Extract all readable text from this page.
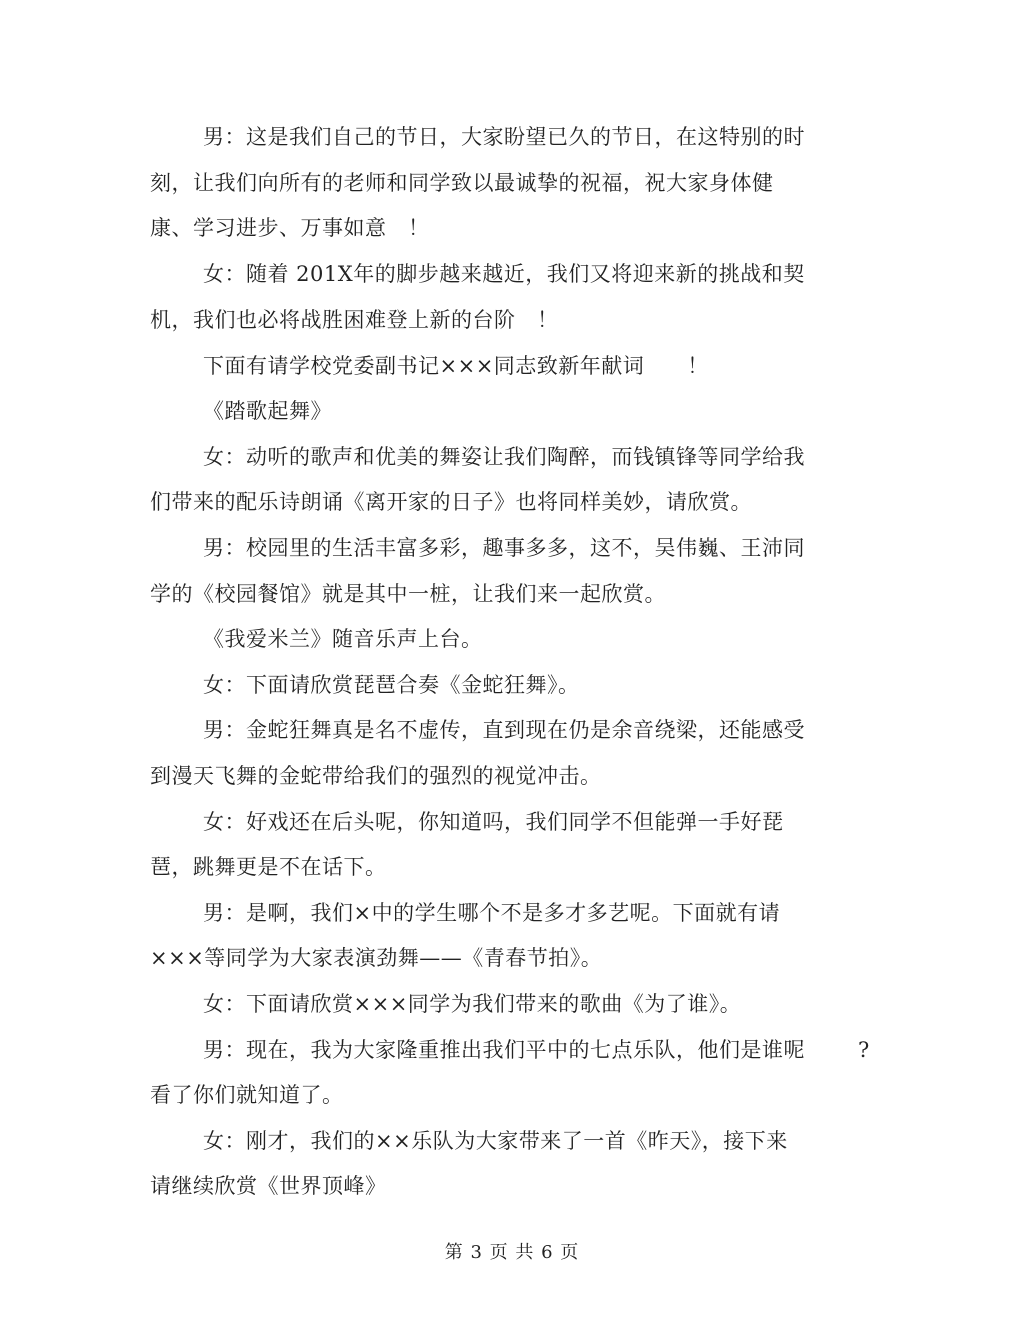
男：这是我们自己的节日，大家盼望已久的节日，在这特别的时
刻，让我们向所有的老师和同学致以最诚挚的祝福，祝大家身体健
康、学习进步、万事如意　！
女：随着 201X年的脚步越来越近，我们又将迎来新的挑战和契
机，我们也必将战胜困难登上新的台阶　！
下面有请学校党委副书记×××同志致新年献词　　！
《踏歌起舞》
女：动听的歌声和优美的舞姿让我们陶醉，而钱镇锋等同学给我
们带来的配乐诗朗诵《离开家的日子》也将同样美妙，请欣赏。
男：校园里的生活丰富多彩，趣事多多，这不，吴伟巍、王沛同
学的《校园餐馆》就是其中一桩，让我们来一起欣赏。
《我爱米兰》随音乐声上台。
女：下面请欣赏琵琶合奏《金蛇狂舞》。
男：金蛇狂舞真是名不虚传，直到现在仍是余音绕梁，还能感受
到漫天飞舞的金蛇带给我们的强烈的视觉冲击。
女：好戏还在后头呢，你知道吗，我们同学不但能弹一手好琵
琶，跳舞更是不在话下。
男：是啊，我们×中的学生哪个不是多才多艺呢。下面就有请
×××等同学为大家表演劲舞——《青春节拍》。
女：下面请欣赏×××同学为我们带来的歌曲《为了谁》。
男：现在，我为大家隆重推出我们平中的七点乐队，他们是谁呢	?
看了你们就知道了。
女：刚才，我们的××乐队为大家带来了一首《昨天》，接下来
请继续欣赏《世界顶峰》
第 3 页 共 6 页
